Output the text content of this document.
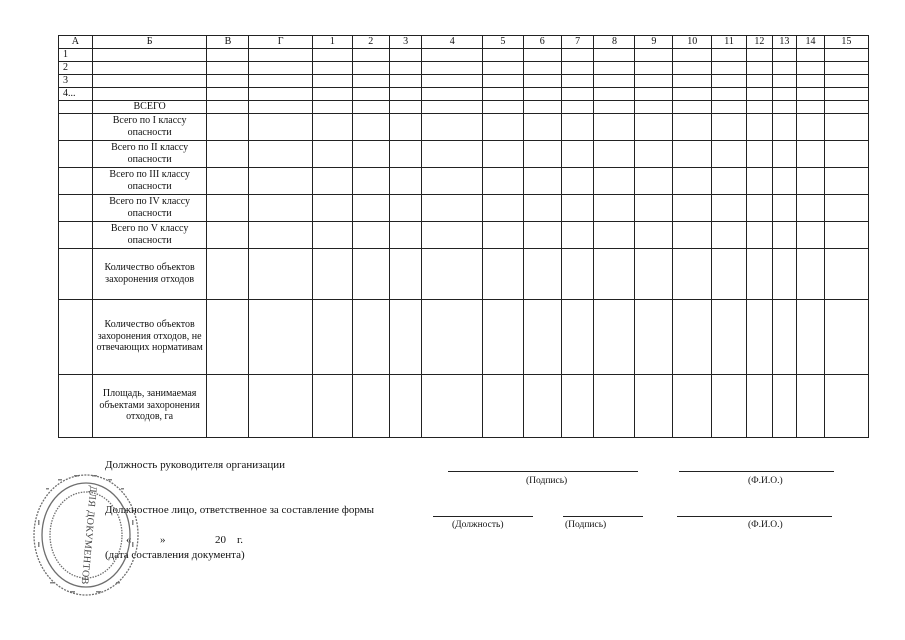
А	Б	В	Г	1	2	3	4	5	6	7	8	9	10	11	12	13	14	15
1																		
2																		
3																		
4...																		
	ВСЕГО																	
	Всего по I классу опасности																	
	Всего по II классу опасности																	
	Всего по III классу опасности																	
	Всего по IV классу опасности																	
	Всего по V классу опасности																	
	Количество объектов захоронения отходов																	
	Количество объектов захоронения отходов, не отвечающих нормативам																	
	Площадь, занимаемая объектами захоронения отходов, га																	
Должность руководителя организации
(Подпись)	(Ф.И.О.)
Должностное лицо, ответственное за составление формы
(Должность)	(Подпись)	(Ф.И.О.)
«	»	20    г.
(дата составления документа)
ДЛЯ ДОКУМЕНТОВ
